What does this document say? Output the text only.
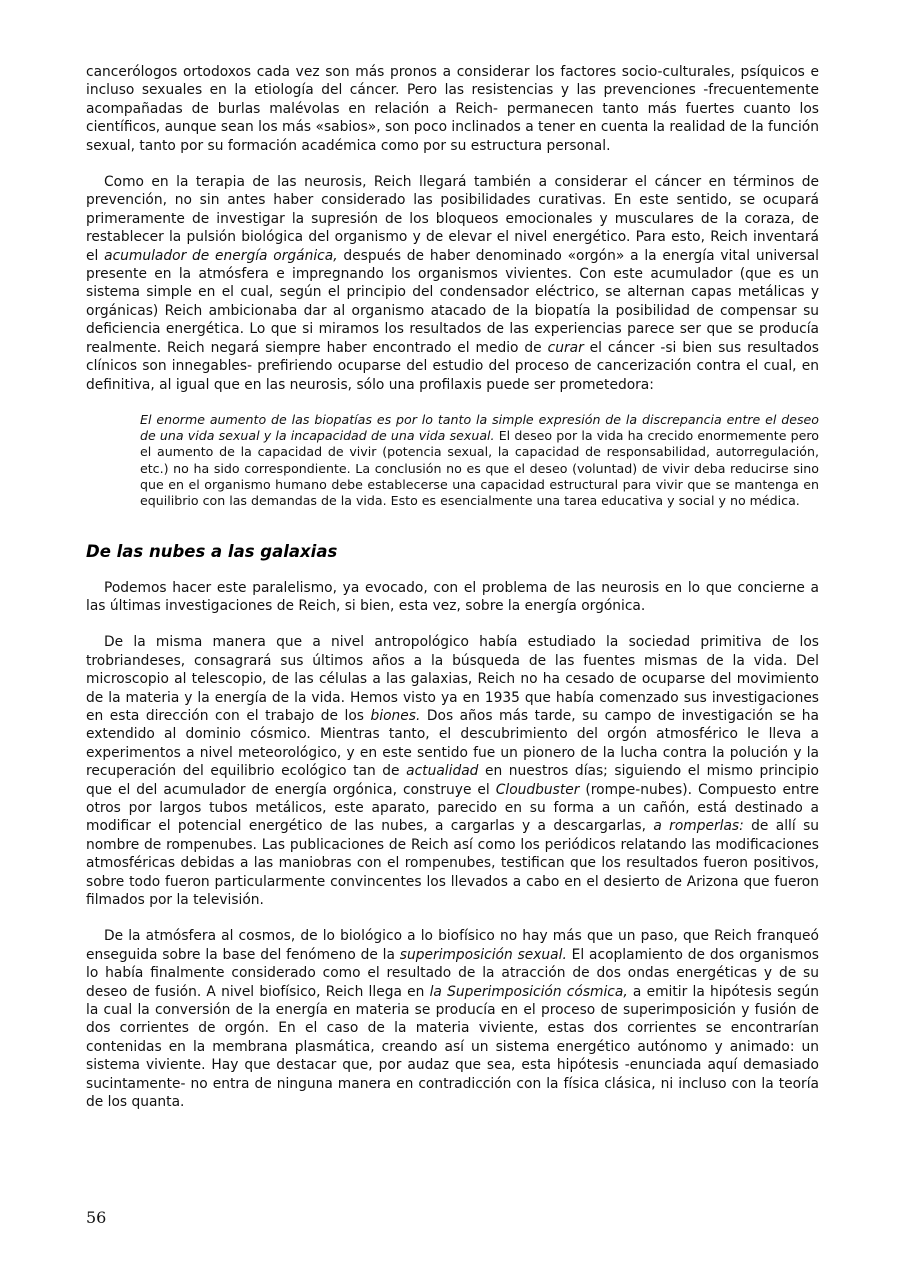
cancerólogos ortodoxos cada vez son más pronos a considerar los factores socio-culturales, psíquicos e incluso sexuales en la etiología del cáncer. Pero las resistencias y las prevenciones -frecuentemente acompañadas de burlas malévolas en relación a Reich- permanecen tanto más fuertes cuanto los científicos, aunque sean los más «sabios», son poco inclinados a tener en cuenta la realidad de la función sexual, tanto por su formación académica como por su estructura personal.

Como en la terapia de las neurosis, Reich llegará también a considerar el cáncer en términos de prevención, no sin antes haber considerado las posibilidades curativas. En este sentido, se ocupará primeramente de investigar la supresión de los bloqueos emocionales y musculares de la coraza, de restablecer la pulsión biológica del organismo y de elevar el nivel energético. Para esto, Reich inventará el acumulador de energía orgánica, después de haber denominado «orgón» a la energía vital universal presente en la atmósfera e impregnando los organismos vivientes. Con este acumulador (que es un sistema simple en el cual, según el principio del condensador eléctrico, se alternan capas metálicas y orgánicas) Reich ambicionaba dar al organismo atacado de la biopatía la posibilidad de compensar su deficiencia energética. Lo que si miramos los resultados de las experiencias parece ser que se producía realmente. Reich negará siempre haber encontrado el medio de curar el cáncer -si bien sus resultados clínicos son innegables- prefiriendo ocuparse del estudio del proceso de cancerización contra el cual, en definitiva, al igual que en las neurosis, sólo una profilaxis puede ser prometedora:

El enorme aumento de las biopatías es por lo tanto la simple expresión de la discrepancia entre el deseo de una vida sexual y la incapacidad de una vida sexual. El deseo por la vida ha crecido enormemente pero el aumento de la capacidad de vivir (potencia sexual, la capacidad de responsabilidad, autorregulación, etc.) no ha sido correspondiente. La conclusión no es que el deseo (voluntad) de vivir deba reducirse sino que en el organismo humano debe establecerse una capacidad estructural para vivir que se mantenga en equilibrio con las demandas de la vida. Esto es esencialmente una tarea educativa y social y no médica.
De las nubes a las galaxias

Podemos hacer este paralelismo, ya evocado, con el problema de las neurosis en lo que concierne a las últimas investigaciones de Reich, si bien, esta vez, sobre la energía orgónica.

De la misma manera que a nivel antropológico había estudiado la sociedad primitiva de los trobriandeses, consagrará sus últimos años a la búsqueda de las fuentes mismas de la vida. Del microscopio al telescopio, de las células a las galaxias, Reich no ha cesado de ocuparse del movimiento de la materia y la energía de la vida. Hemos visto ya en 1935 que había comenzado sus investigaciones en esta dirección con el trabajo de los biones. Dos años más tarde, su campo de investigación se ha extendido al dominio cósmico. Mientras tanto, el descubrimiento del orgón atmosférico le lleva a experimentos a nivel meteorológico, y en este sentido fue un pionero de la lucha contra la polución y la recuperación del equilibrio ecológico tan de actualidad en nuestros días; siguiendo el mismo principio que el del acumulador de energía orgónica, construye el Cloudbuster (rompe-nubes). Compuesto entre otros por largos tubos metálicos, este aparato, parecido en su forma a un cañón, está destinado a modificar el potencial energético de las nubes, a cargarlas y a descargarlas, a romperlas: de allí su nombre de rompenubes. Las publicaciones de Reich así como los periódicos relatando las modificaciones atmosféricas debidas a las maniobras con el rompenubes, testifican que los resultados fueron positivos, sobre todo fueron particularmente convincentes los llevados a cabo en el desierto de Arizona que fueron filmados por la televisión.

De la atmósfera al cosmos, de lo biológico a lo biofísico no hay más que un paso, que Reich franqueó enseguida sobre la base del fenómeno de la superimposición sexual. El acoplamiento de dos organismos lo había finalmente considerado como el resultado de la atracción de dos ondas energéticas y de su deseo de fusión. A nivel biofísico, Reich llega en la Superimposición cósmica, a emitir la hipótesis según la cual la conversión de la energía en materia se producía en el proceso de superimposición y fusión de dos corrientes de orgón. En el caso de la materia viviente, estas dos corrientes se encontrarían contenidas en la membrana plasmática, creando así un sistema energético autónomo y animado: un sistema viviente. Hay que destacar que, por audaz que sea, esta hipótesis -enunciada aquí demasiado sucintamente- no entra de ninguna manera en contradicción con la física clásica, ni incluso con la teoría de los quanta.

56
